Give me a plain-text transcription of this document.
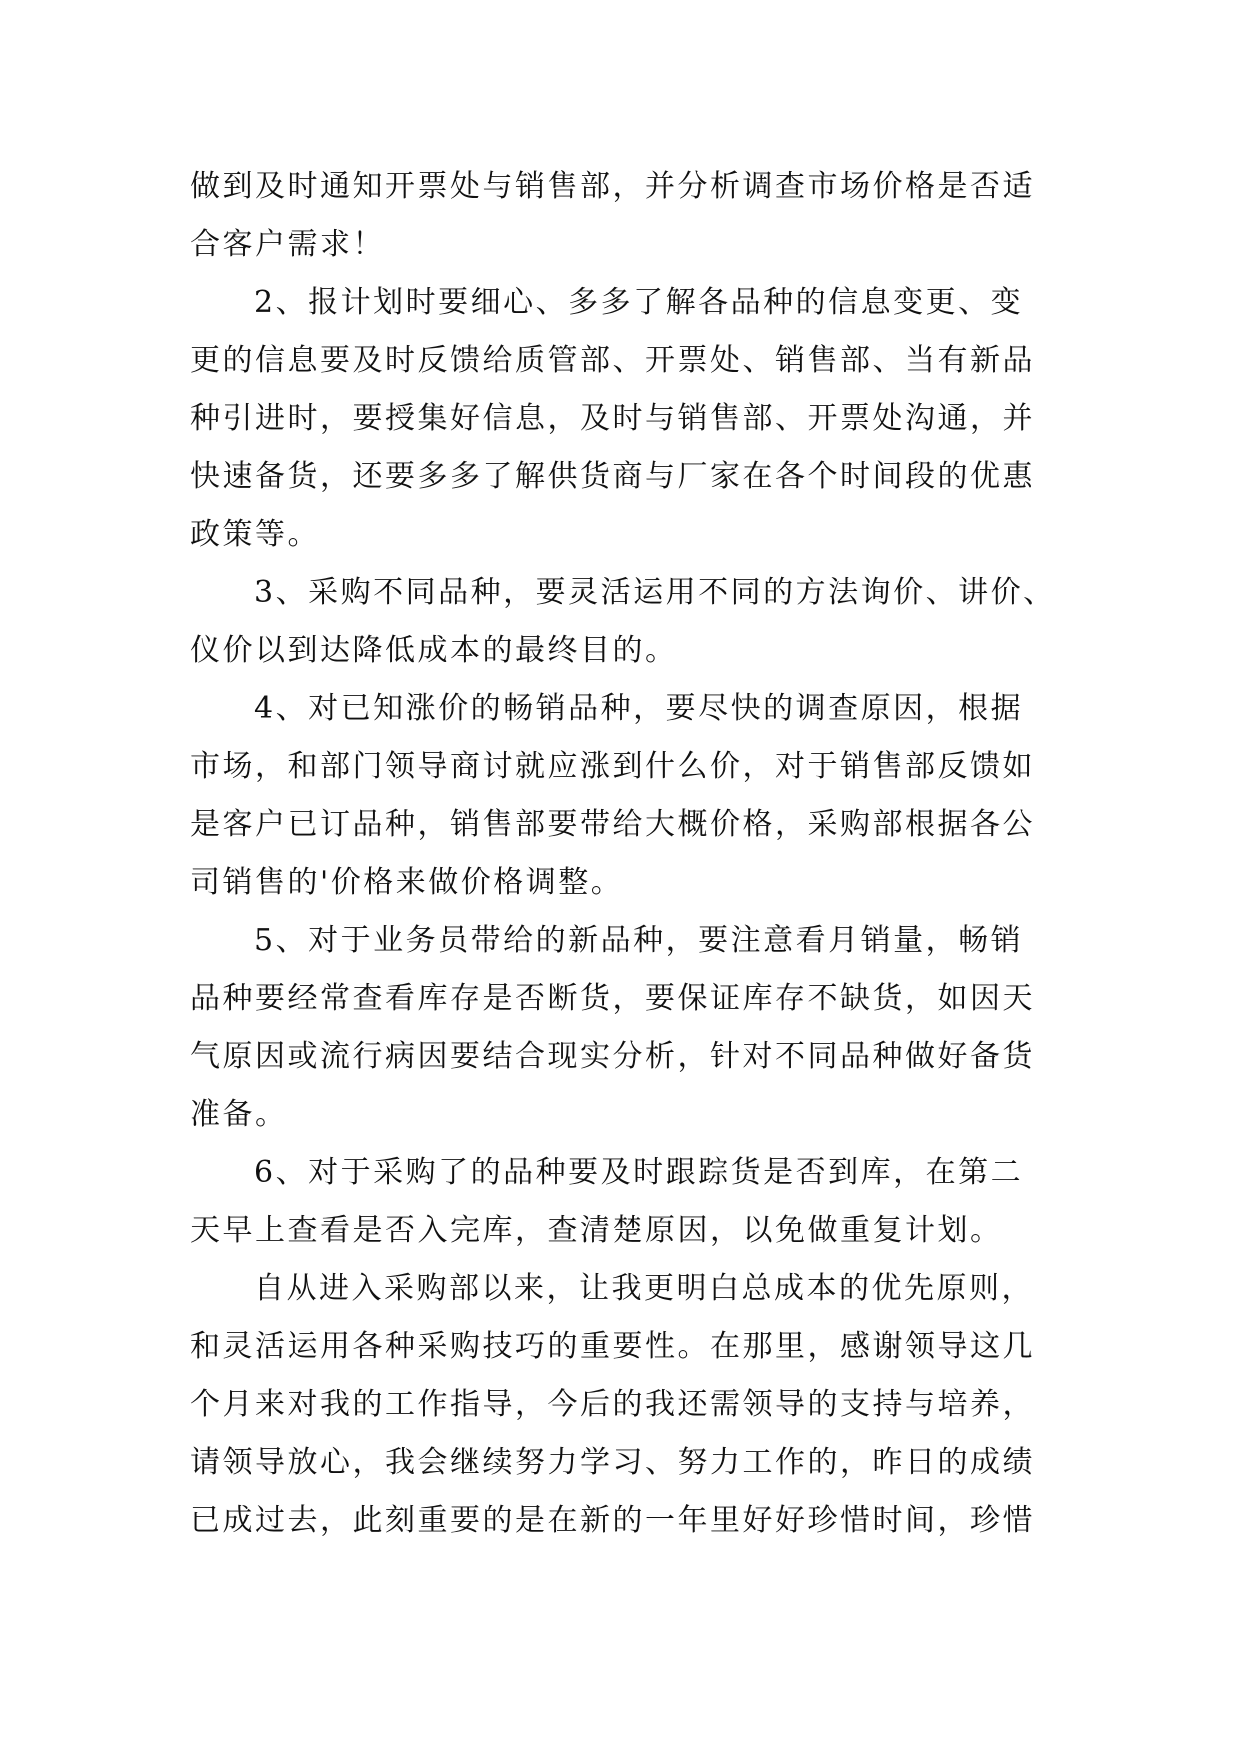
做到及时通知开票处与销售部，并分析调查市场价格是否适
合客户需求！
2、报计划时要细心、多多了解各品种的信息变更、变
更的信息要及时反馈给质管部、开票处、销售部、当有新品
种引进时，要授集好信息，及时与销售部、开票处沟通，并
快速备货，还要多多了解供货商与厂家在各个时间段的优惠
政策等。
3、采购不同品种，要灵活运用不同的方法询价、讲价、
仪价以到达降低成本的最终目的。
4、对已知涨价的畅销品种，要尽快的调查原因，根据
市场，和部门领导商讨就应涨到什么价，对于销售部反馈如
是客户已订品种，销售部要带给大概价格，采购部根据各公
司销售的'价格来做价格调整。
5、对于业务员带给的新品种，要注意看月销量，畅销
品种要经常查看库存是否断货，要保证库存不缺货，如因天
气原因或流行病因要结合现实分析，针对不同品种做好备货
准备。
6、对于采购了的品种要及时跟踪货是否到库，在第二
天早上查看是否入完库，查清楚原因，以免做重复计划。
自从进入采购部以来，让我更明白总成本的优先原则，
和灵活运用各种采购技巧的重要性。在那里，感谢领导这几
个月来对我的工作指导，今后的我还需领导的支持与培养，
请领导放心，我会继续努力学习、努力工作的，昨日的成绩
已成过去，此刻重要的是在新的一年里好好珍惜时间，珍惜
